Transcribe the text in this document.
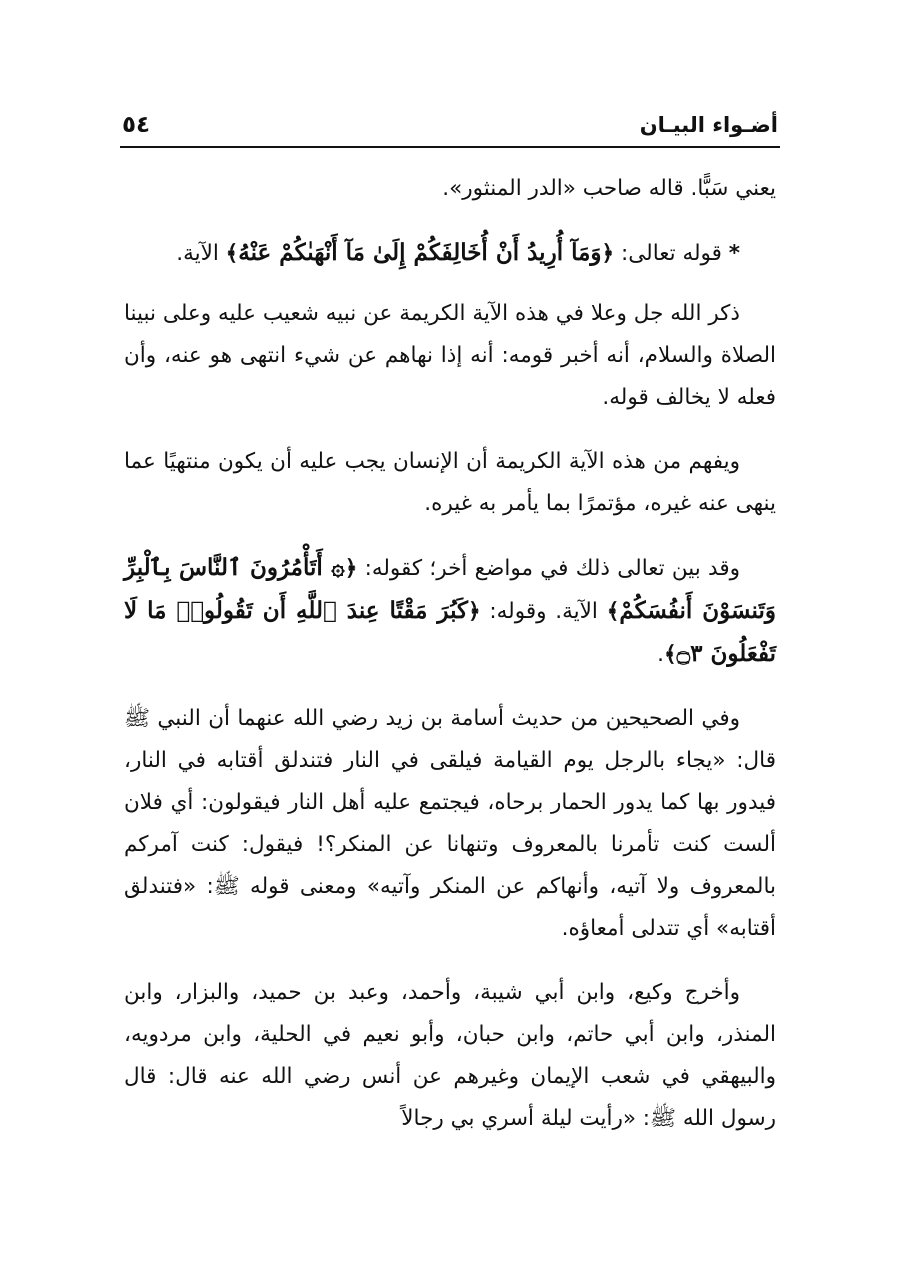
أضـواء البيـان
٥٤

يعني سَبًّا. قاله صاحب «الدر المنثور».

* قوله تعالى: ﴿وَمَآ أُرِيدُ أَنْ أُخَالِفَكُمْ إِلَىٰ مَآ أَنْهَىٰكُمْ عَنْهُ﴾ الآية.

ذكر الله جل وعلا في هذه الآية الكريمة عن نبيه شعيب عليه وعلى نبينا الصلاة والسلام، أنه أخبر قومه: أنه إذا نهاهم عن شيء انتهى هو عنه، وأن فعله لا يخالف قوله.

ويفهم من هذه الآية الكريمة أن الإنسان يجب عليه أن يكون منتهيًا عما ينهى عنه غيره، مؤتمرًا بما يأمر به غيره.

وقد بين تعالى ذلك في مواضع أخر؛ كقوله: ﴿۞ أَتَأْمُرُونَ ٱلنَّاسَ بِٱلْبِرِّ وَتَنسَوْنَ أَنفُسَكُمْ﴾ الآية. وقوله: ﴿كَبُرَ مَقْتًا عِندَ ٱللَّهِ أَن تَقُولُوا۟ مَا لَا تَفْعَلُونَ ۝٣﴾.

وفي الصحيحين من حديث أسامة بن زيد رضي الله عنهما أن النبي ﷺ قال: «يجاء بالرجل يوم القيامة فيلقى في النار فتندلق أقتابه في النار، فيدور بها كما يدور الحمار برحاه، فيجتمع عليه أهل النار فيقولون: أي فلان ألست كنت تأمرنا بالمعروف وتنهانا عن المنكر؟! فيقول: كنت آمركم بالمعروف ولا آتيه، وأنهاكم عن المنكر وآتيه» ومعنى قوله ﷺ: «فتندلق أقتابه» أي تتدلى أمعاؤه.

وأخرج وكيع، وابن أبي شيبة، وأحمد، وعبد بن حميد، والبزار، وابن المنذر، وابن أبي حاتم، وابن حبان، وأبو نعيم في الحلية، وابن مردويه، والبيهقي في شعب الإيمان وغيرهم عن أنس رضي الله عنه قال: قال رسول الله ﷺ: «رأيت ليلة أسري بي رجالاً
